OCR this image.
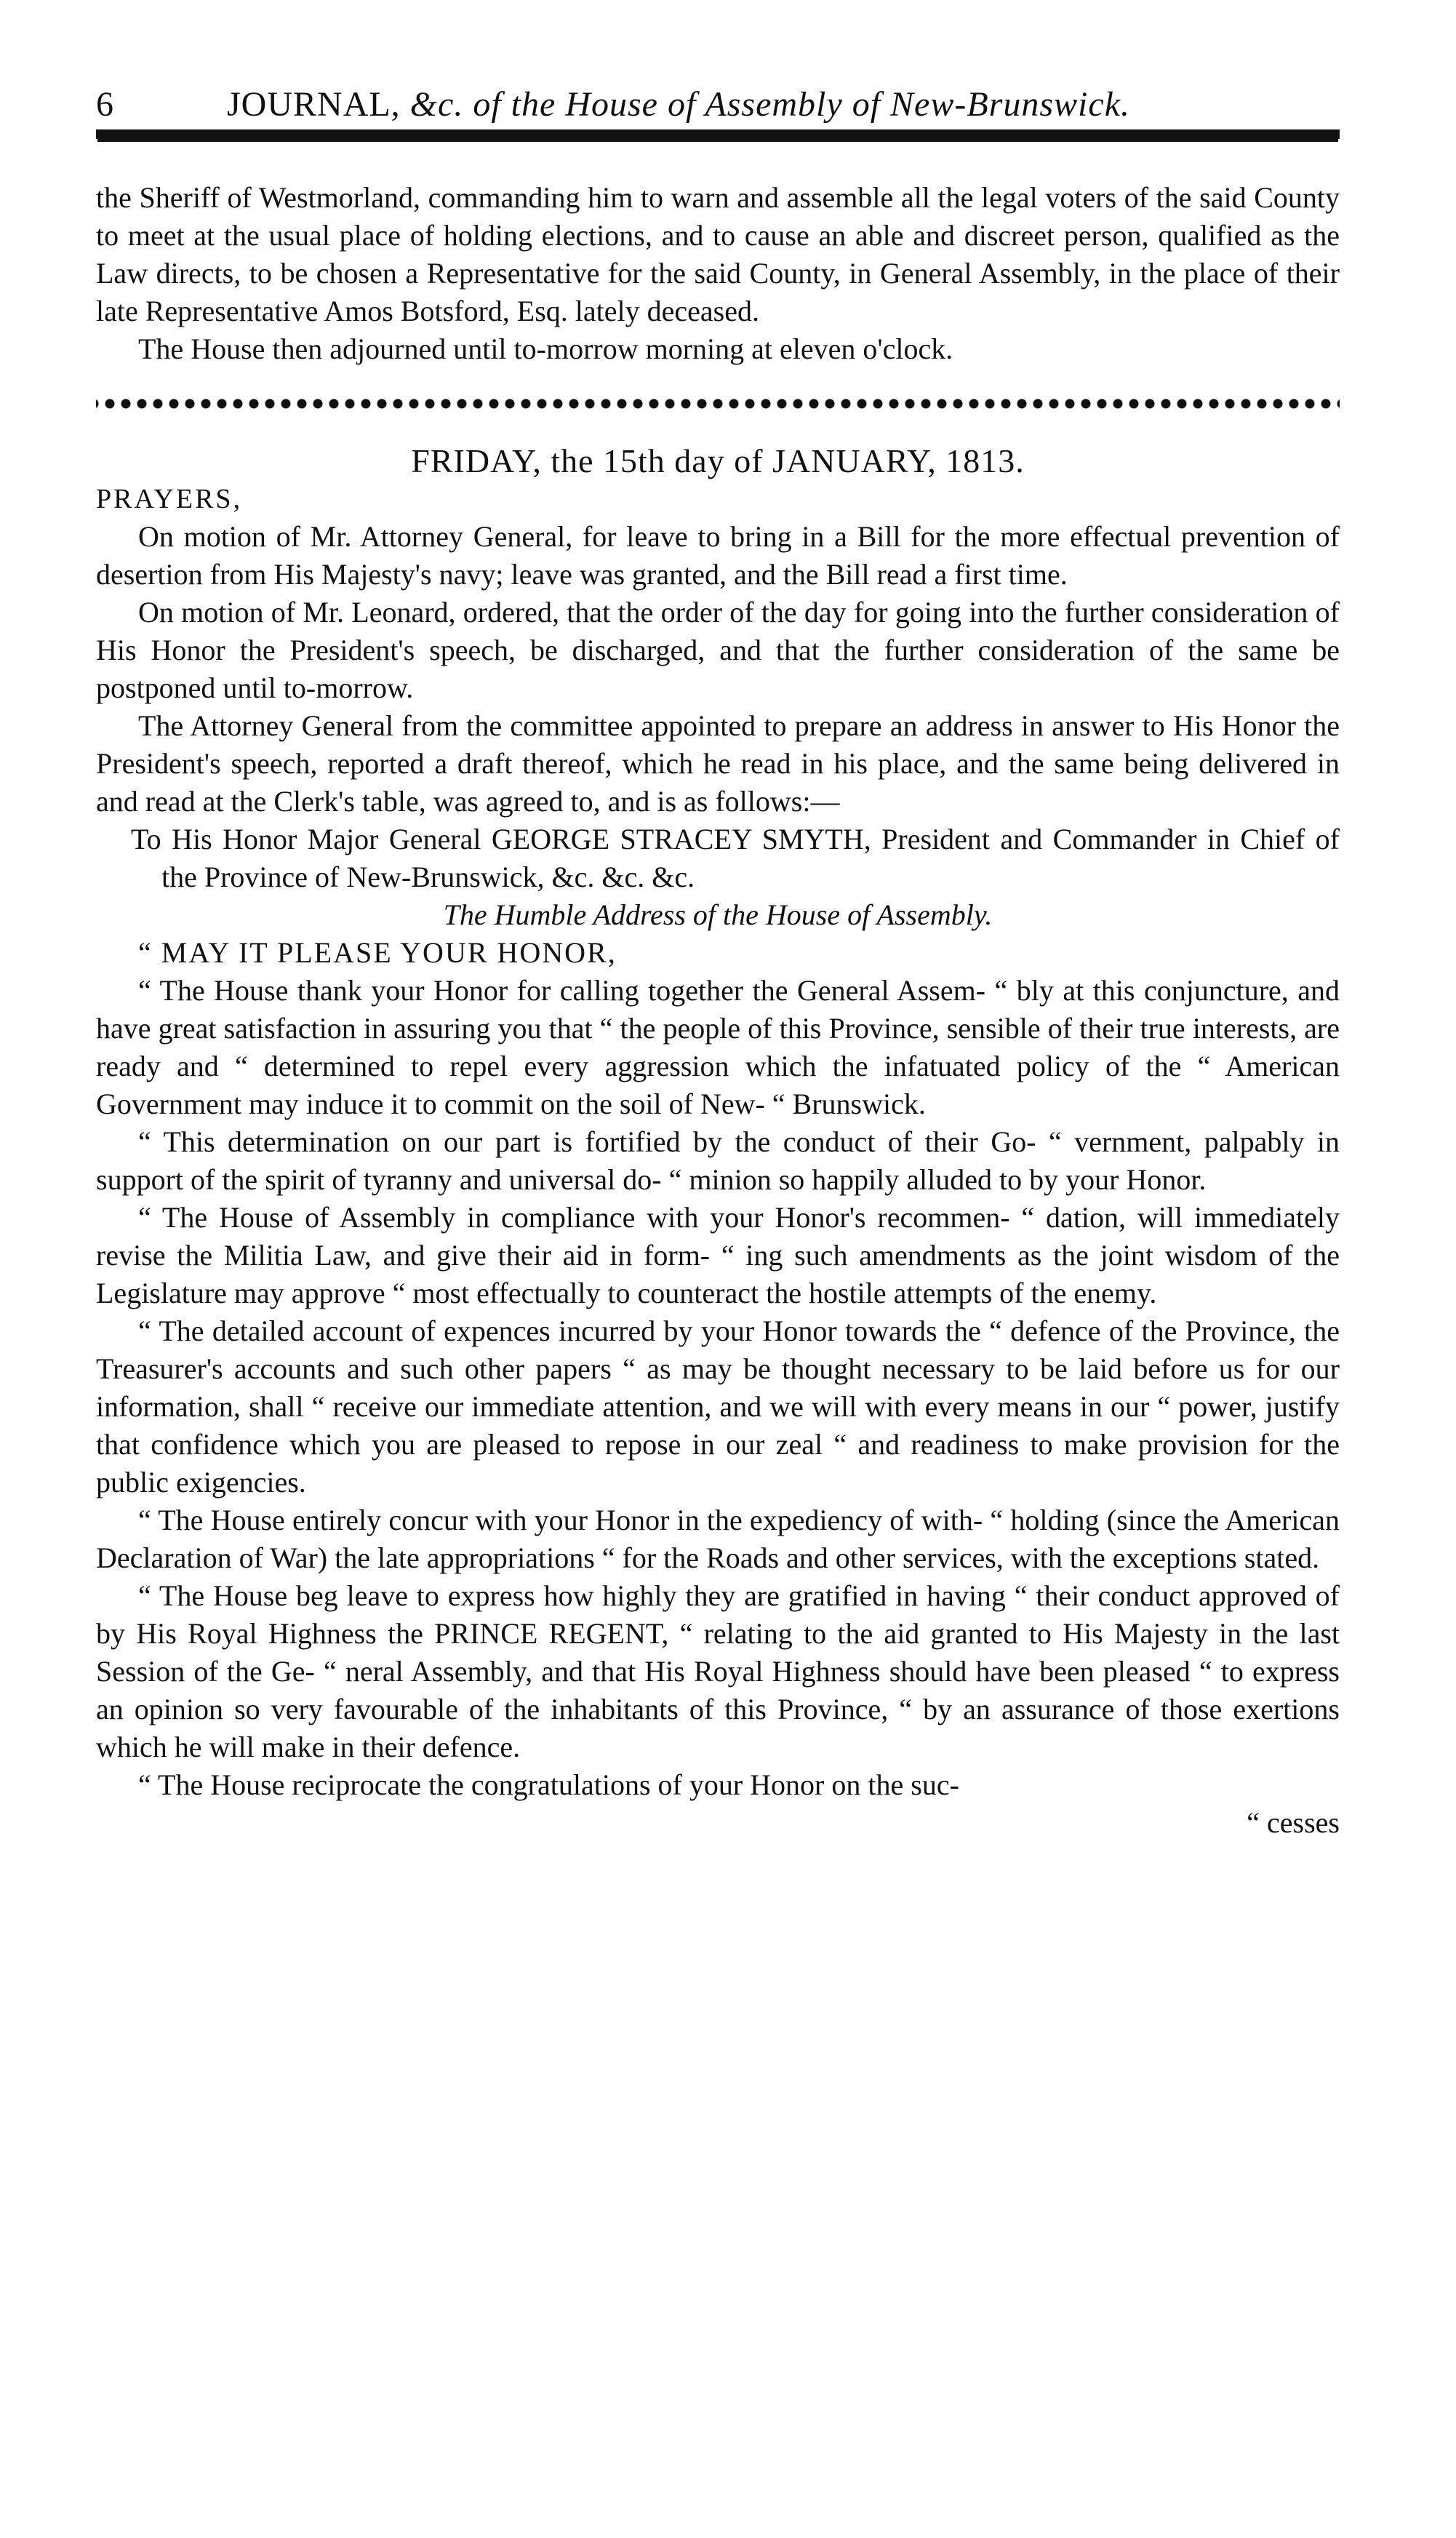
6	JOURNAL, &c. of the House of Assembly of New-Brunswick.

the Sheriff of Westmorland, commanding him to warn and assemble all the legal voters of the said County to meet at the usual place of holding elections, and to cause an able and discreet person, qualified as the Law directs, to be chosen a Representative for the said County, in General Assembly, in the place of their late Representative Amos Botsford, Esq. lately deceased.

The House then adjourned until to-morrow morning at eleven o'clock.

FRIDAY, the 15th day of JANUARY, 1813.

PRAYERS,

On motion of Mr. Attorney General, for leave to bring in a Bill for the more effectual prevention of desertion from His Majesty's navy; leave was granted, and the Bill read a first time.

On motion of Mr. Leonard, ordered, that the order of the day for going into the further consideration of His Honor the President's speech, be discharged, and that the further consideration of the same be postponed until to-morrow.

The Attorney General from the committee appointed to prepare an address in answer to His Honor the President's speech, reported a draft thereof, which he read in his place, and the same being delivered in and read at the Clerk's table, was agreed to, and is as follows:—

To His Honor Major General GEORGE STRACEY SMYTH, President and Commander in Chief of the Province of New-Brunswick, &c. &c. &c.

The Humble Address of the House of Assembly.

“ MAY IT PLEASE YOUR HONOR,

“ The House thank your Honor for calling together the General Assem- “ bly at this conjuncture, and have great satisfaction in assuring you that “ the people of this Province, sensible of their true interests, are ready and “ determined to repel every aggression which the infatuated policy of the “ American Government may induce it to commit on the soil of New- “ Brunswick.

“ This determination on our part is fortified by the conduct of their Go- “ vernment, palpably in support of the spirit of tyranny and universal do- “ minion so happily alluded to by your Honor.

“ The House of Assembly in compliance with your Honor's recommen- “ dation, will immediately revise the Militia Law, and give their aid in form- “ ing such amendments as the joint wisdom of the Legislature may approve “ most effectually to counteract the hostile attempts of the enemy.

“ The detailed account of expences incurred by your Honor towards the “ defence of the Province, the Treasurer's accounts and such other papers “ as may be thought necessary to be laid before us for our information, shall “ receive our immediate attention, and we will with every means in our “ power, justify that confidence which you are pleased to repose in our zeal “ and readiness to make provision for the public exigencies.

“ The House entirely concur with your Honor in the expediency of with- “ holding (since the American Declaration of War) the late appropriations “ for the Roads and other services, with the exceptions stated.

“ The House beg leave to express how highly they are gratified in having “ their conduct approved of by His Royal Highness the PRINCE REGENT, “ relating to the aid granted to His Majesty in the last Session of the Ge- “ neral Assembly, and that His Royal Highness should have been pleased “ to express an opinion so very favourable of the inhabitants of this Province, “ by an assurance of those exertions which he will make in their defence.

“ The House reciprocate the congratulations of your Honor on the suc-

“ cesses
